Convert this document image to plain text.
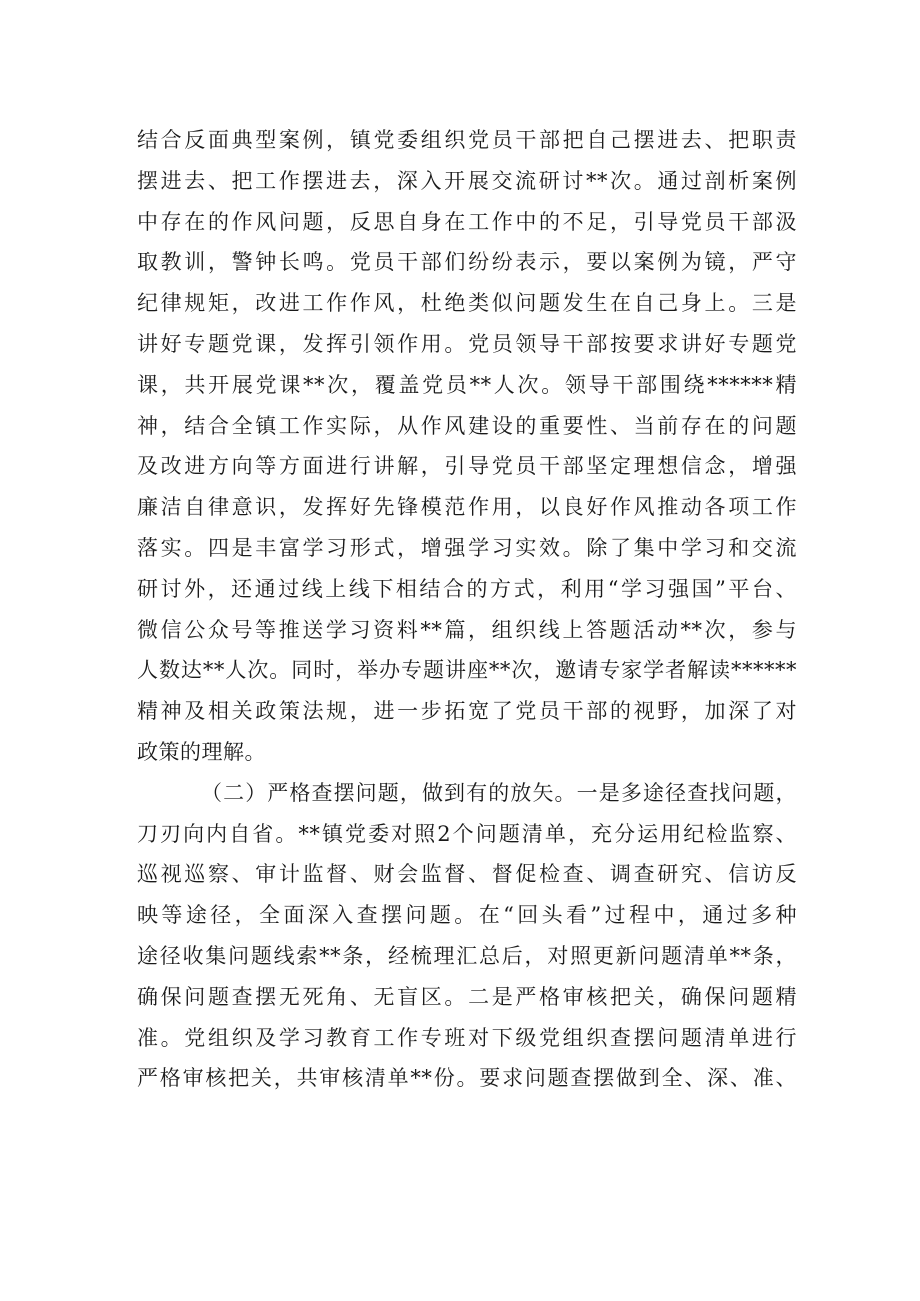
结合反面典型案例，镇党委组织党员干部把自己摆进去、把职责
摆进去、把工作摆进去，深入开展交流研讨**次。通过剖析案例
中存在的作风问题，反思自身在工作中的不足，引导党员干部汲
取教训，警钟长鸣。党员干部们纷纷表示，要以案例为镜，严守
纪律规矩，改进工作作风，杜绝类似问题发生在自己身上。三是
讲好专题党课，发挥引领作用。党员领导干部按要求讲好专题党
课，共开展党课**次，覆盖党员**人次。领导干部围绕******精
神，结合全镇工作实际，从作风建设的重要性、当前存在的问题
及改进方向等方面进行讲解，引导党员干部坚定理想信念，增强
廉洁自律意识，发挥好先锋模范作用，以良好作风推动各项工作
落实。四是丰富学习形式，增强学习实效。除了集中学习和交流
研讨外，还通过线上线下相结合的方式，利用“学习强国”平台、
微信公众号等推送学习资料**篇，组织线上答题活动**次，参与
人数达**人次。同时，举办专题讲座**次，邀请专家学者解读******
精神及相关政策法规，进一步拓宽了党员干部的视野，加深了对
政策的理解。
（二）严格查摆问题，做到有的放矢。一是多途径查找问题，
刀刃向内自省。**镇党委对照2个问题清单，充分运用纪检监察、
巡视巡察、审计监督、财会监督、督促检查、调查研究、信访反
映等途径，全面深入查摆问题。在“回头看”过程中，通过多种
途径收集问题线索**条，经梳理汇总后，对照更新问题清单**条，
确保问题查摆无死角、无盲区。二是严格审核把关，确保问题精
准。党组织及学习教育工作专班对下级党组织查摆问题清单进行
严格审核把关，共审核清单**份。要求问题查摆做到全、深、准、
